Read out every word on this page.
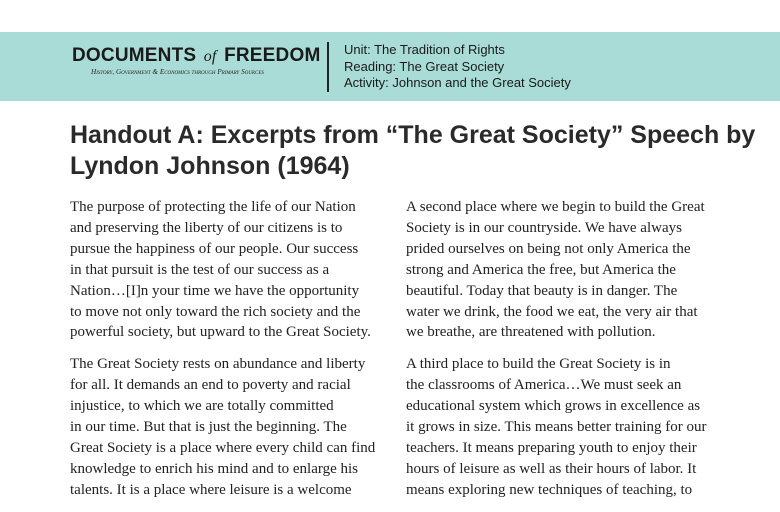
DOCUMENTS of FREEDOM
History, Government & Economics through Primary Sources
Unit: The Tradition of Rights
Reading: The Great Society
Activity: Johnson and the Great Society
Handout A: Excerpts from “The Great Society” Speech by
Lyndon Johnson (1964)

The purpose of protecting the life of our Nation
and preserving the liberty of our citizens is to
pursue the happiness of our people. Our success
in that pursuit is the test of our success as a
Nation…[I]n your time we have the opportunity
to move not only toward the rich society and the
powerful society, but upward to the Great Society.

The Great Society rests on abundance and liberty
for all. It demands an end to poverty and racial
injustice, to which we are totally committed
in our time. But that is just the beginning. The
Great Society is a place where every child can find
knowledge to enrich his mind and to enlarge his
talents. It is a place where leisure is a welcome

A second place where we begin to build the Great
Society is in our countryside. We have always
prided ourselves on being not only America the
strong and America the free, but America the
beautiful. Today that beauty is in danger. The
water we drink, the food we eat, the very air that
we breathe, are threatened with pollution.

A third place to build the Great Society is in
the classrooms of America…We must seek an
educational system which grows in excellence as
it grows in size. This means better training for our
teachers. It means preparing youth to enjoy their
hours of leisure as well as their hours of labor. It
means exploring new techniques of teaching, to
